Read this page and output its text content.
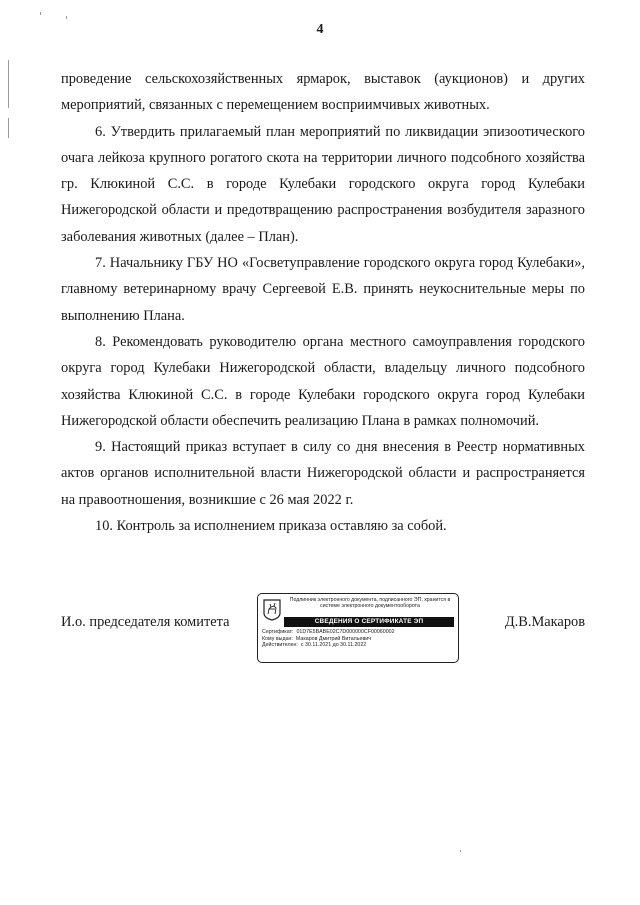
4

проведение сельскохозяйственных ярмарок, выставок (аукционов) и других мероприятий, связанных с перемещением восприимчивых животных.

6. Утвердить прилагаемый план мероприятий по ликвидации эпизоотического очага лейкоза крупного рогатого скота на территории личного подсобного хозяйства гр. Клюкиной С.С. в городе Кулебаки городского округа город Кулебаки Нижегородской области и предотвращению распространения возбудителя заразного заболевания животных (далее – План).

7. Начальнику ГБУ НО «Госветуправление городского округа город Кулебаки», главному ветеринарному врачу Сергеевой Е.В. принять неукоснительные меры по выполнению Плана.

8. Рекомендовать руководителю органа местного самоуправления городского округа город Кулебаки Нижегородской области, владельцу личного подсобного хозяйства Клюкиной С.С. в городе Кулебаки городского округа город Кулебаки Нижегородской области обеспечить реализацию Плана в рамках полномочий.

9. Настоящий приказ вступает в силу со дня внесения в Реестр нормативных актов органов исполнительной власти Нижегородской области и распространяется на правоотношения, возникшие с 26 мая 2022 г.

10. Контроль за исполнением приказа оставляю за собой.

И.о. председателя комитета
Подлинник электронного документа, подписанного ЭП, хранится в системе электронного документооборота
СВЕДЕНИЯ О СЕРТИФИКАТЕ ЭП
Сертификат: 01D7E5BABE02C7D000000CF00060002
Кому выдан: Макаров Дмитрий Витальевич
Действителен: с 30.11.2021 до 30.11.2022
Д.В.Макаров
